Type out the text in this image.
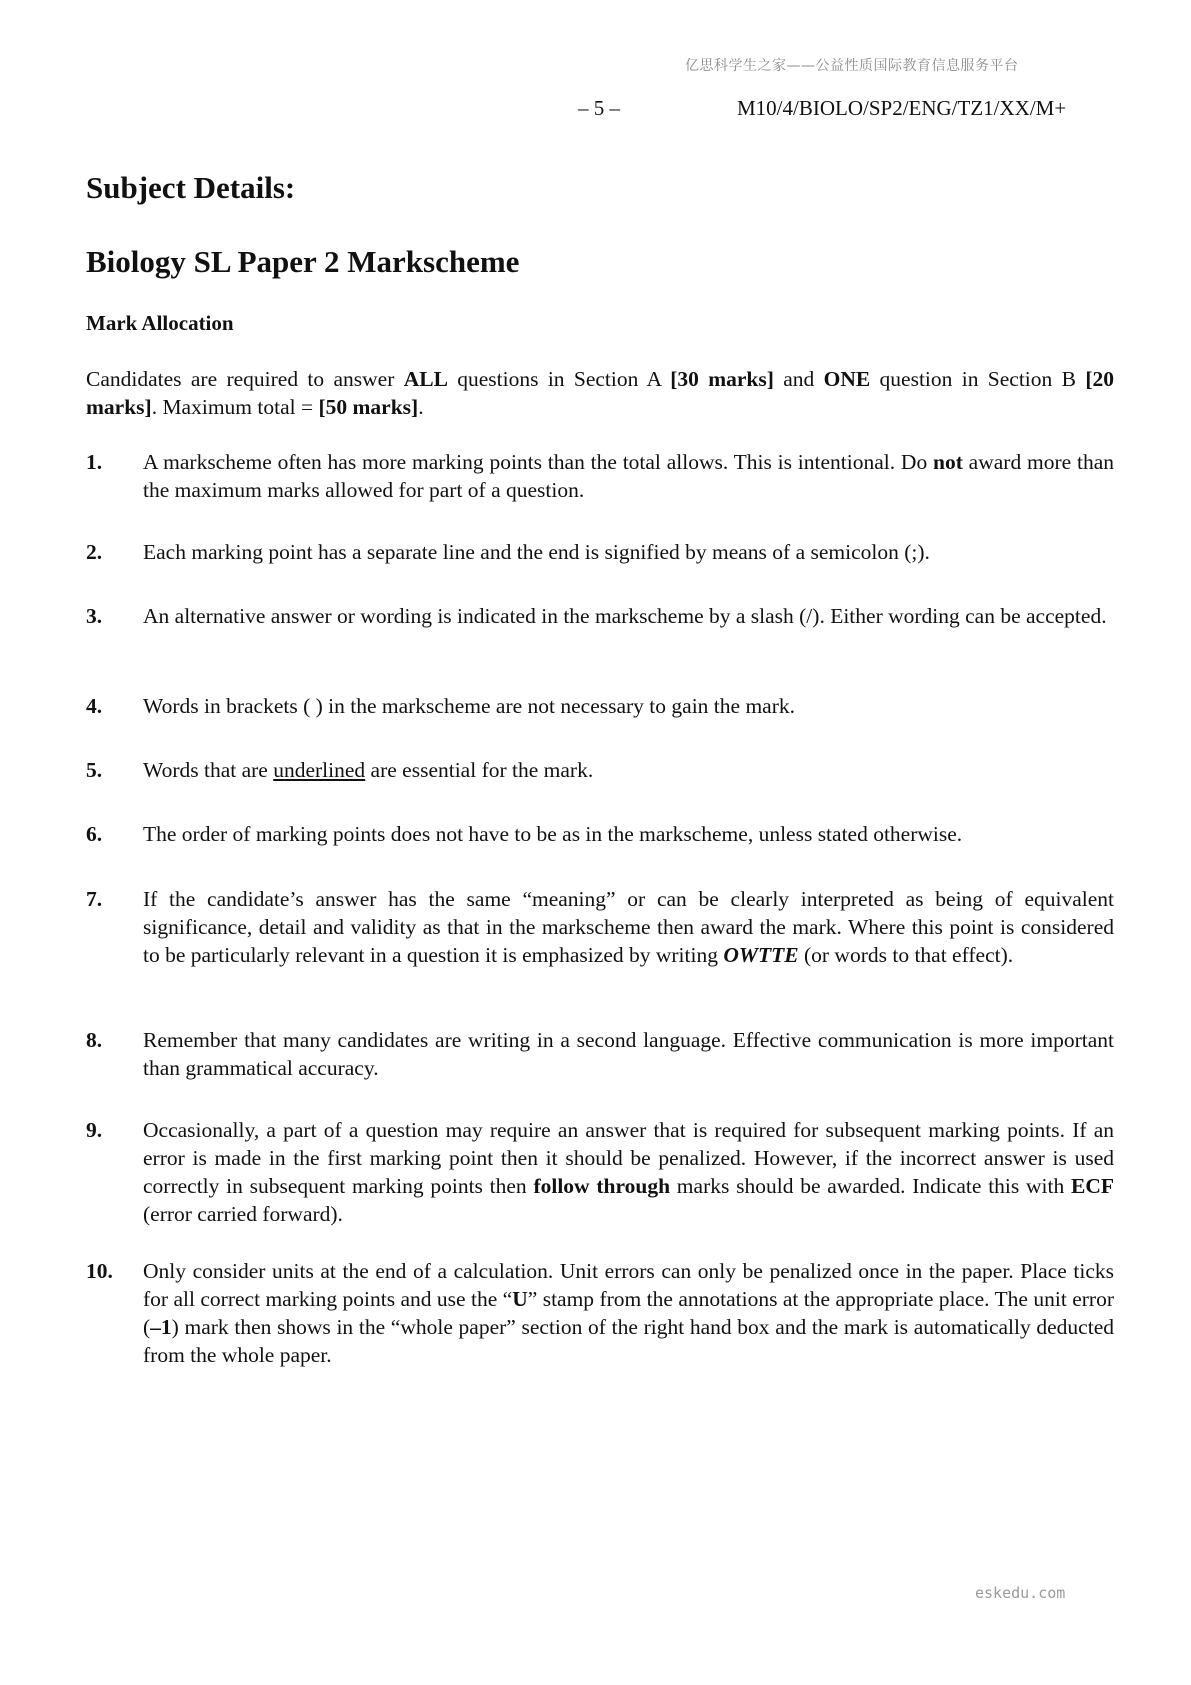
亿思科学生之家——公益性质国际教育信息服务平台
– 5 –	M10/4/BIOLO/SP2/ENG/TZ1/XX/M+
Subject Details:
Biology SL Paper 2 Markscheme
Mark Allocation

Candidates are required to answer ALL questions in Section A [30 marks] and ONE question in Section B [20 marks]. Maximum total = [50 marks].

1.	A markscheme often has more marking points than the total allows. This is intentional. Do not award more than the maximum marks allowed for part of a question.
2.	Each marking point has a separate line and the end is signified by means of a semicolon (;).
3.	An alternative answer or wording is indicated in the markscheme by a slash (/). Either wording can be accepted.
4.	Words in brackets ( ) in the markscheme are not necessary to gain the mark.
5.	Words that are underlined are essential for the mark.
6.	The order of marking points does not have to be as in the markscheme, unless stated otherwise.
7.	If the candidate’s answer has the same “meaning” or can be clearly interpreted as being of equivalent significance, detail and validity as that in the markscheme then award the mark. Where this point is considered to be particularly relevant in a question it is emphasized by writing OWTTE (or words to that effect).
8.	Remember that many candidates are writing in a second language. Effective communication is more important than grammatical accuracy.
9.	Occasionally, a part of a question may require an answer that is required for subsequent marking points. If an error is made in the first marking point then it should be penalized. However, if the incorrect answer is used correctly in subsequent marking points then follow through marks should be awarded. Indicate this with ECF (error carried forward).
10.	Only consider units at the end of a calculation. Unit errors can only be penalized once in the paper. Place ticks for all correct marking points and use the “U” stamp from the annotations at the appropriate place. The unit error (–1) mark then shows in the “whole paper” section of the right hand box and the mark is automatically deducted from the whole paper.
eskedu.com
